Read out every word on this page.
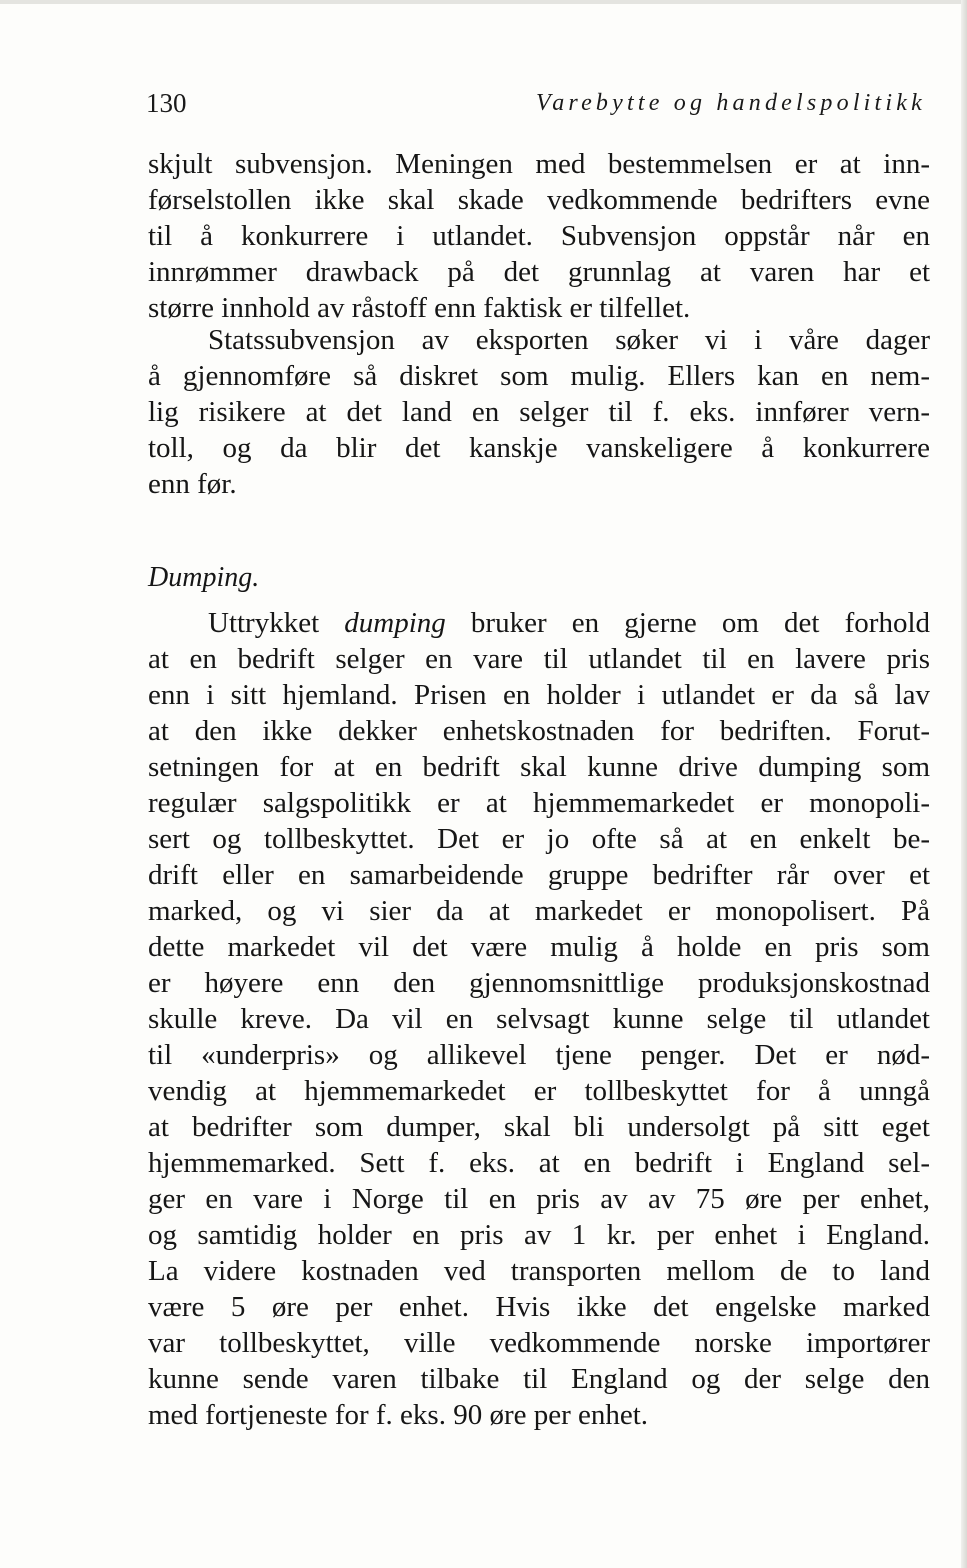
130	Varebytte og handelspolitikk
skjult subvensjon. Meningen med bestemmelsen er at inn-
førselstollen ikke skal skade vedkommende bedrifters evne
til å konkurrere i utlandet. Subvensjon oppstår når en
innrømmer drawback på det grunnlag at varen har et
større innhold av råstoff enn faktisk er tilfellet.
Statssubvensjon av eksporten søker vi i våre dager
å gjennomføre så diskret som mulig. Ellers kan en nem-
lig risikere at det land en selger til f. eks. innfører vern-
toll, og da blir det kanskje vanskeligere å konkurrere
enn før.
Dumping.
Uttrykket dumping bruker en gjerne om det forhold
at en bedrift selger en vare til utlandet til en lavere pris
enn i sitt hjemland. Prisen en holder i utlandet er da så lav
at den ikke dekker enhetskostnaden for bedriften. Forut-
setningen for at en bedrift skal kunne drive dumping som
regulær salgspolitikk er at hjemmemarkedet er monopoli-
sert og tollbeskyttet. Det er jo ofte så at en enkelt be-
drift eller en samarbeidende gruppe bedrifter rår over et
marked, og vi sier da at markedet er monopolisert. På
dette markedet vil det være mulig å holde en pris som
er høyere enn den gjennomsnittlige produksjonskostnad
skulle kreve. Da vil en selvsagt kunne selge til utlandet
til «underpris» og allikevel tjene penger. Det er nød-
vendig at hjemmemarkedet er tollbeskyttet for å unngå
at bedrifter som dumper, skal bli undersolgt på sitt eget
hjemmemarked. Sett f. eks. at en bedrift i England sel-
ger en vare i Norge til en pris av av 75 øre per enhet,
og samtidig holder en pris av 1 kr. per enhet i England.
La videre kostnaden ved transporten mellom de to land
være 5 øre per enhet. Hvis ikke det engelske marked
var tollbeskyttet, ville vedkommende norske importører
kunne sende varen tilbake til England og der selge den
med fortjeneste for f. eks. 90 øre per enhet.
